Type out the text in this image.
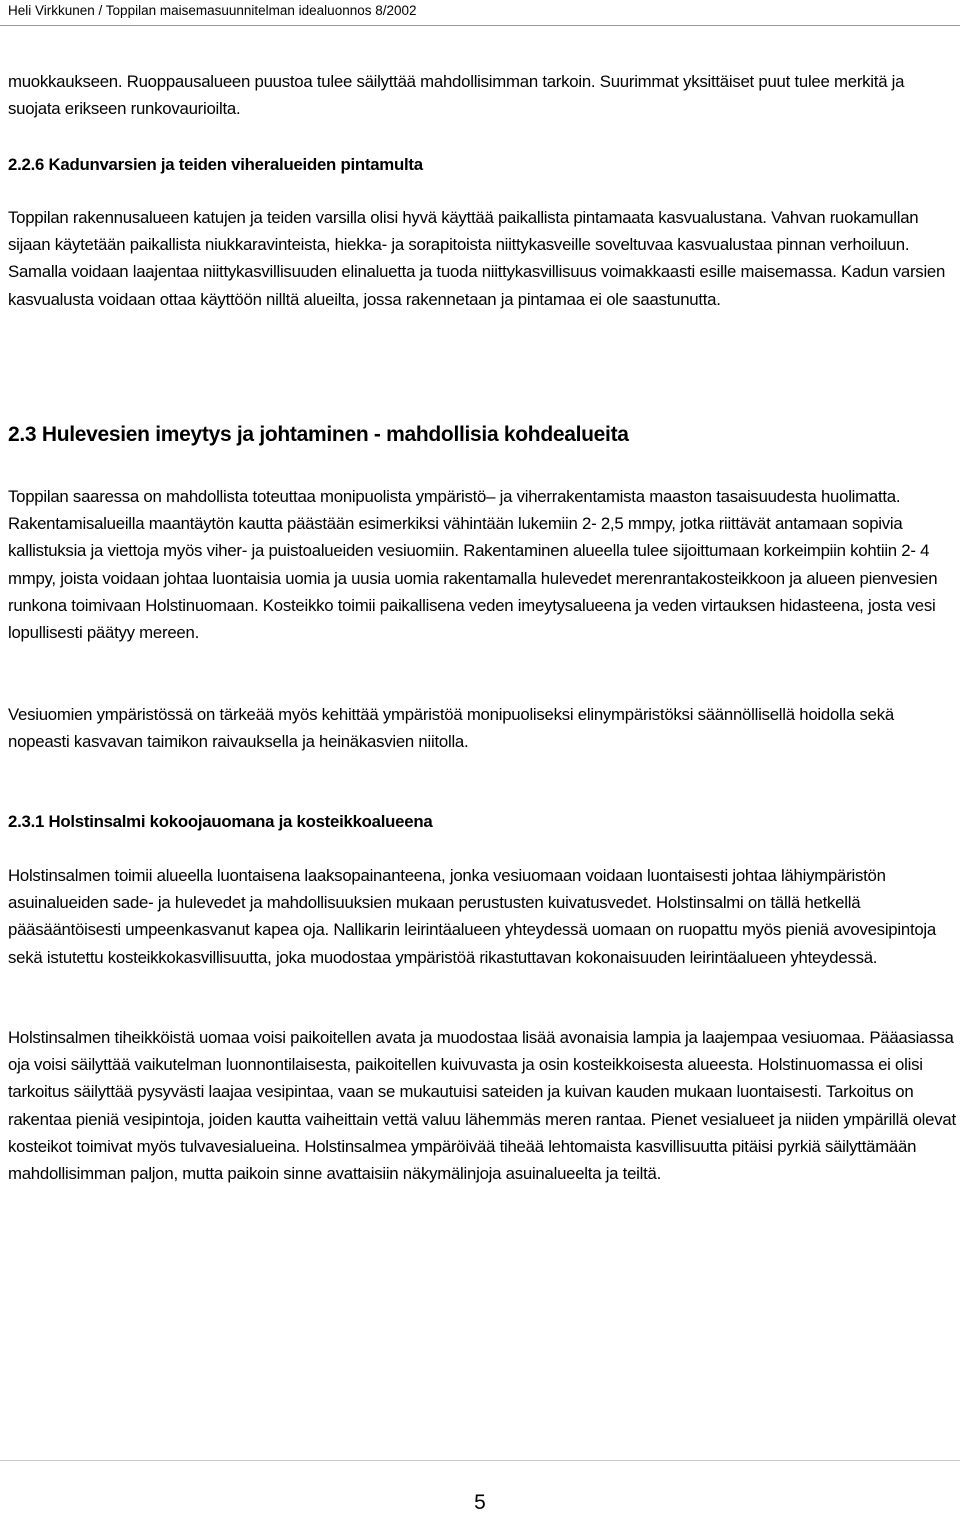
Heli Virkkunen / Toppilan maisemasuunnitelman idealuonnos 8/2002

muokkaukseen. Ruoppausalueen puustoa tulee säilyttää mahdollisimman tarkoin. Suurimmat yksittäiset puut tulee merkitä ja suojata erikseen runkovaurioilta.

2.2.6 Kadunvarsien ja teiden viheralueiden pintamulta

Toppilan rakennusalueen katujen ja teiden varsilla olisi hyvä käyttää paikallista pintamaata kasvualustana. Vahvan ruokamullan sijaan käytetään paikallista niukkaravinteista, hiekka- ja sorapitoista niittykasveille soveltuvaa kasvualustaa pinnan verhoiluun. Samalla voidaan laajentaa niittykasvillisuuden elinaluetta ja tuoda niittykasvillisuus voimakkaasti esille maisemassa. Kadun varsien kasvualusta voidaan ottaa käyttöön nilltä alueilta, jossa rakennetaan ja pintamaa ei ole saastunutta.

2.3 Hulevesien imeytys ja johtaminen - mahdollisia kohdealueita

Toppilan saaressa on mahdollista toteuttaa monipuolista ympäristö– ja viherrakentamista maaston tasaisuudesta huolimatta. Rakentamisalueilla maantäytön kautta päästään esimerkiksi vähintään lukemiin 2- 2,5 mmpy, jotka riittävät antamaan sopivia kallistuksia ja viettoja myös viher- ja puistoalueiden vesiuomiin. Rakentaminen alueella tulee sijoittumaan korkeimpiin kohtiin 2- 4 mmpy, joista voidaan johtaa luontaisia uomia ja uusia uomia rakentamalla hulevedet merenrantakosteikkoon ja alueen pienvesien runkona toimivaan Holstinuomaan. Kosteikko toimii paikallisena veden imeytysalueena ja veden virtauksen hidasteena, josta vesi lopullisesti päätyy mereen.

Vesiuomien ympäristössä on tärkeää myös kehittää ympäristöä monipuoliseksi elinympäristöksi säännöllisellä hoidolla sekä nopeasti kasvavan taimikon raivauksella ja heinäkasvien niitolla.

2.3.1 Holstinsalmi kokoojauomana ja kosteikkoalueena

Holstinsalmen toimii alueella luontaisena laaksopainanteena, jonka vesiuomaan voidaan luontaisesti johtaa lähiympäristön asuinalueiden sade- ja hulevedet ja mahdollisuuksien mukaan perustusten kuivatusvedet. Holstinsalmi on tällä hetkellä pääsääntöisesti umpeenkasvanut kapea oja. Nallikarin leirintäalueen yhteydessä uomaan on ruopattu myös pieniä avovesipintoja sekä istutettu kosteikkokasvillisuutta, joka muodostaa ympäristöä rikastuttavan kokonaisuuden leirintäalueen yhteydessä.

Holstinsalmen tiheikköistä uomaa voisi paikoitellen avata ja muodostaa lisää avonaisia lampia ja laajempaa vesiuomaa. Pääasiassa oja voisi säilyttää vaikutelman luonnontilaisesta, paikoitellen kuivuvasta ja osin kosteikkoisesta alueesta. Holstinuomassa ei olisi tarkoitus säilyttää pysyvästi laajaa vesipintaa, vaan se mukautuisi sateiden ja kuivan kauden mukaan luontaisesti. Tarkoitus on rakentaa pieniä vesipintoja, joiden kautta vaiheittain vettä valuu lähemmäs meren rantaa. Pienet vesialueet ja niiden ympärillä olevat kosteikot toimivat myös tulvavesialueina. Holstinsalmea ympäröivää tiheää lehtomaista kasvillisuutta pitäisi pyrkiä säilyttämään mahdollisimman paljon, mutta paikoin sinne avattaisiin näkymälinjoja asuinalueelta ja teiltä.

5
